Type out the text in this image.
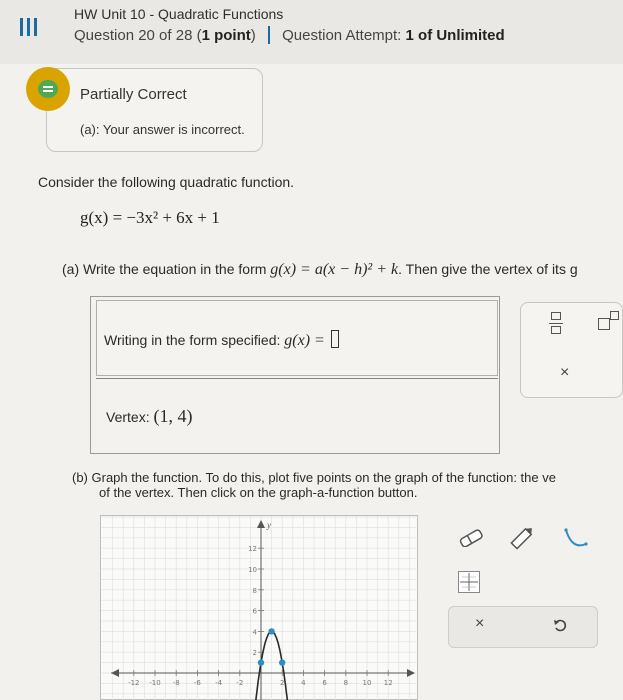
HW Unit 10 - Quadratic Functions
Question 20 of 28 (1 point) Question Attempt: 1 of Unlimited
Partially Correct
(a): Your answer is incorrect.
Consider the following quadratic function.
g(x) = −3x² + 6x + 1
(a) Write the equation in the form g(x) = a(x − h)² + k. Then give the vertex of its g
Writing in the form specified: g(x) =
Vertex: (1, 4)
×
(b) Graph the function. To do this, plot five points on the graph of the function: the ve
of the vertex. Then click on the graph-a-function button.
y
-12 -10 -8 -6 -4 -2	2 4 6 8 10 12
12
10
8
6
4
2
×
